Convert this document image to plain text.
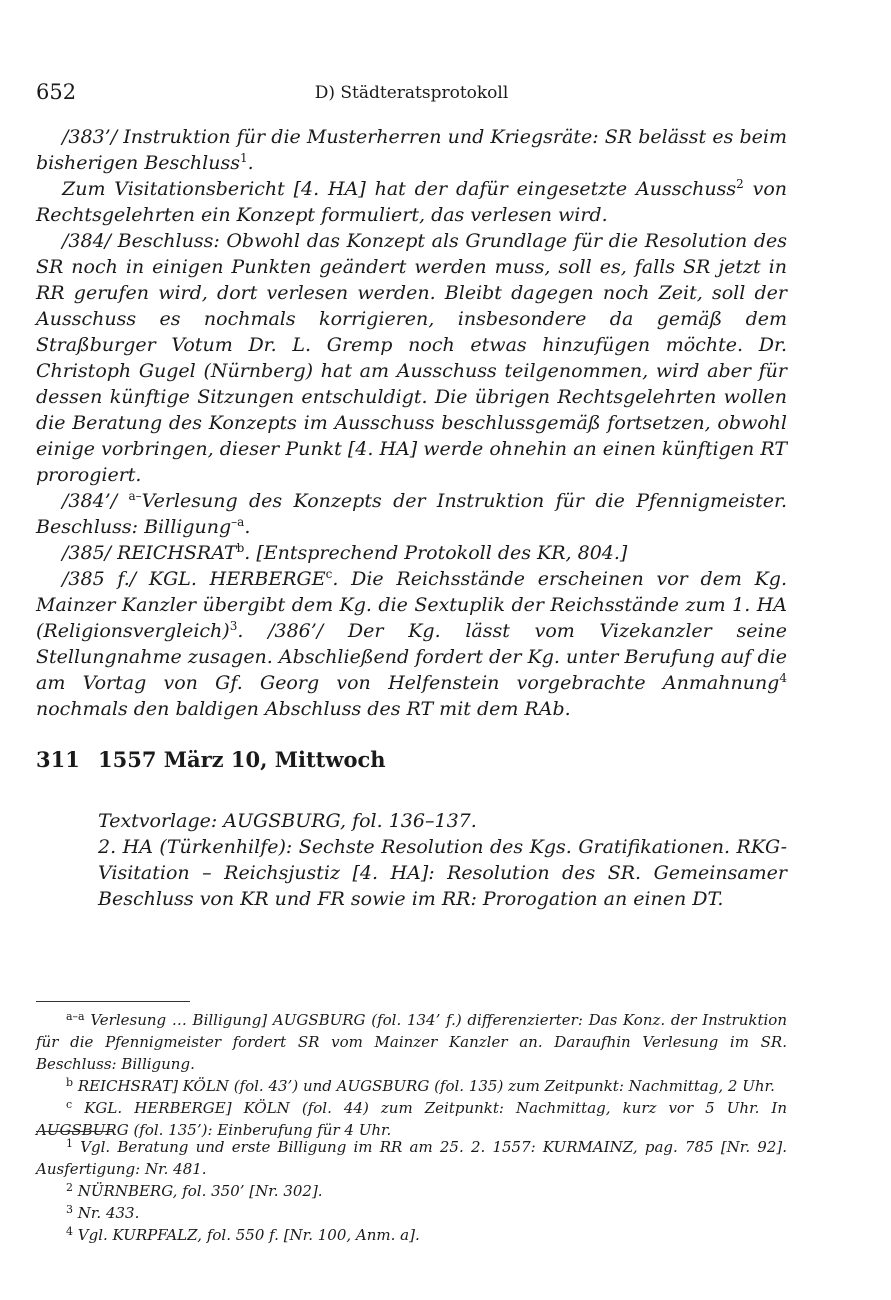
652	D) Städteratsprotokoll

/383’/ Instruktion für die Musterherren und Kriegsräte: SR belässt es beim bisherigen Beschluss$^1$.

Zum Visitationsbericht [4. HA] hat der dafür eingesetzte Ausschuss$^2$ von Rechtsgelehrten ein Konzept formuliert, das verlesen wird.

/384/ Beschluss: Obwohl das Konzept als Grundlage für die Resolution des SR noch in einigen Punkten geändert werden muss, soll es, falls SR jetzt in RR gerufen wird, dort verlesen werden. Bleibt dagegen noch Zeit, soll der Ausschuss es nochmals korrigieren, insbesondere da gemäß dem Straßburger Votum Dr. L. Gremp noch etwas hinzufügen möchte. Dr. Christoph Gugel (Nürnberg) hat am Ausschuss teilgenommen, wird aber für dessen künftige Sitzungen entschuldigt. Die übrigen Rechtsgelehrten wollen die Beratung des Konzepts im Ausschuss beschlussgemäß fortsetzen, obwohl einige vorbringen, dieser Punkt [4. HA] werde ohnehin an einen künftigen RT prorogiert.

/384’/ $^{a-}$Verlesung des Konzepts der Instruktion für die Pfennigmeister. Beschluss: Billigung$^{-a}$.

/385/ REICHSRAT$^b$. [Entsprechend Protokoll des KR, 804.]

/385 f./ KGL. HERBERGE$^c$. Die Reichsstände erscheinen vor dem Kg. Mainzer Kanzler übergibt dem Kg. die Sextuplik der Reichsstände zum 1. HA (Religionsvergleich)$^3$. /386’/ Der Kg. lässt vom Vizekanzler seine Stellungnahme zusagen. Abschließend fordert der Kg. unter Berufung auf die am Vortag von Gf. Georg von Helfenstein vorgebrachte Anmahnung$^4$ nochmals den baldigen Abschluss des RT mit dem RAb.

311 1557 März 10, Mittwoch

Textvorlage: AUGSBURG, fol. 136–137.

2. HA (Türkenhilfe): Sechste Resolution des Kgs. Gratifikationen. RKG-Visitation – Reichsjustiz [4. HA]: Resolution des SR. Gemeinsamer Beschluss von KR und FR sowie im RR: Prorogation an einen DT.

$^{a-a}$ Verlesung … Billigung] AUGSBURG (fol. 134’ f.) differenzierter: Das Konz. der Instruktion für die Pfennigmeister fordert SR vom Mainzer Kanzler an. Daraufhin Verlesung im SR. Beschluss: Billigung.

$^b$ REICHSRAT] KÖLN (fol. 43’) und AUGSBURG (fol. 135) zum Zeitpunkt: Nachmittag, 2 Uhr.

$^c$ KGL. HERBERGE] KÖLN (fol. 44) zum Zeitpunkt: Nachmittag, kurz vor 5 Uhr. In AUGSBURG (fol. 135’): Einberufung für 4 Uhr.

$^1$ Vgl. Beratung und erste Billigung im RR am 25. 2. 1557: KURMAINZ, pag. 785 [Nr. 92]. Ausfertigung: Nr. 481.

$^2$ NÜRNBERG, fol. 350’ [Nr. 302].

$^3$ Nr. 433.

$^4$ Vgl. KURPFALZ, fol. 550 f. [Nr. 100, Anm. a].
